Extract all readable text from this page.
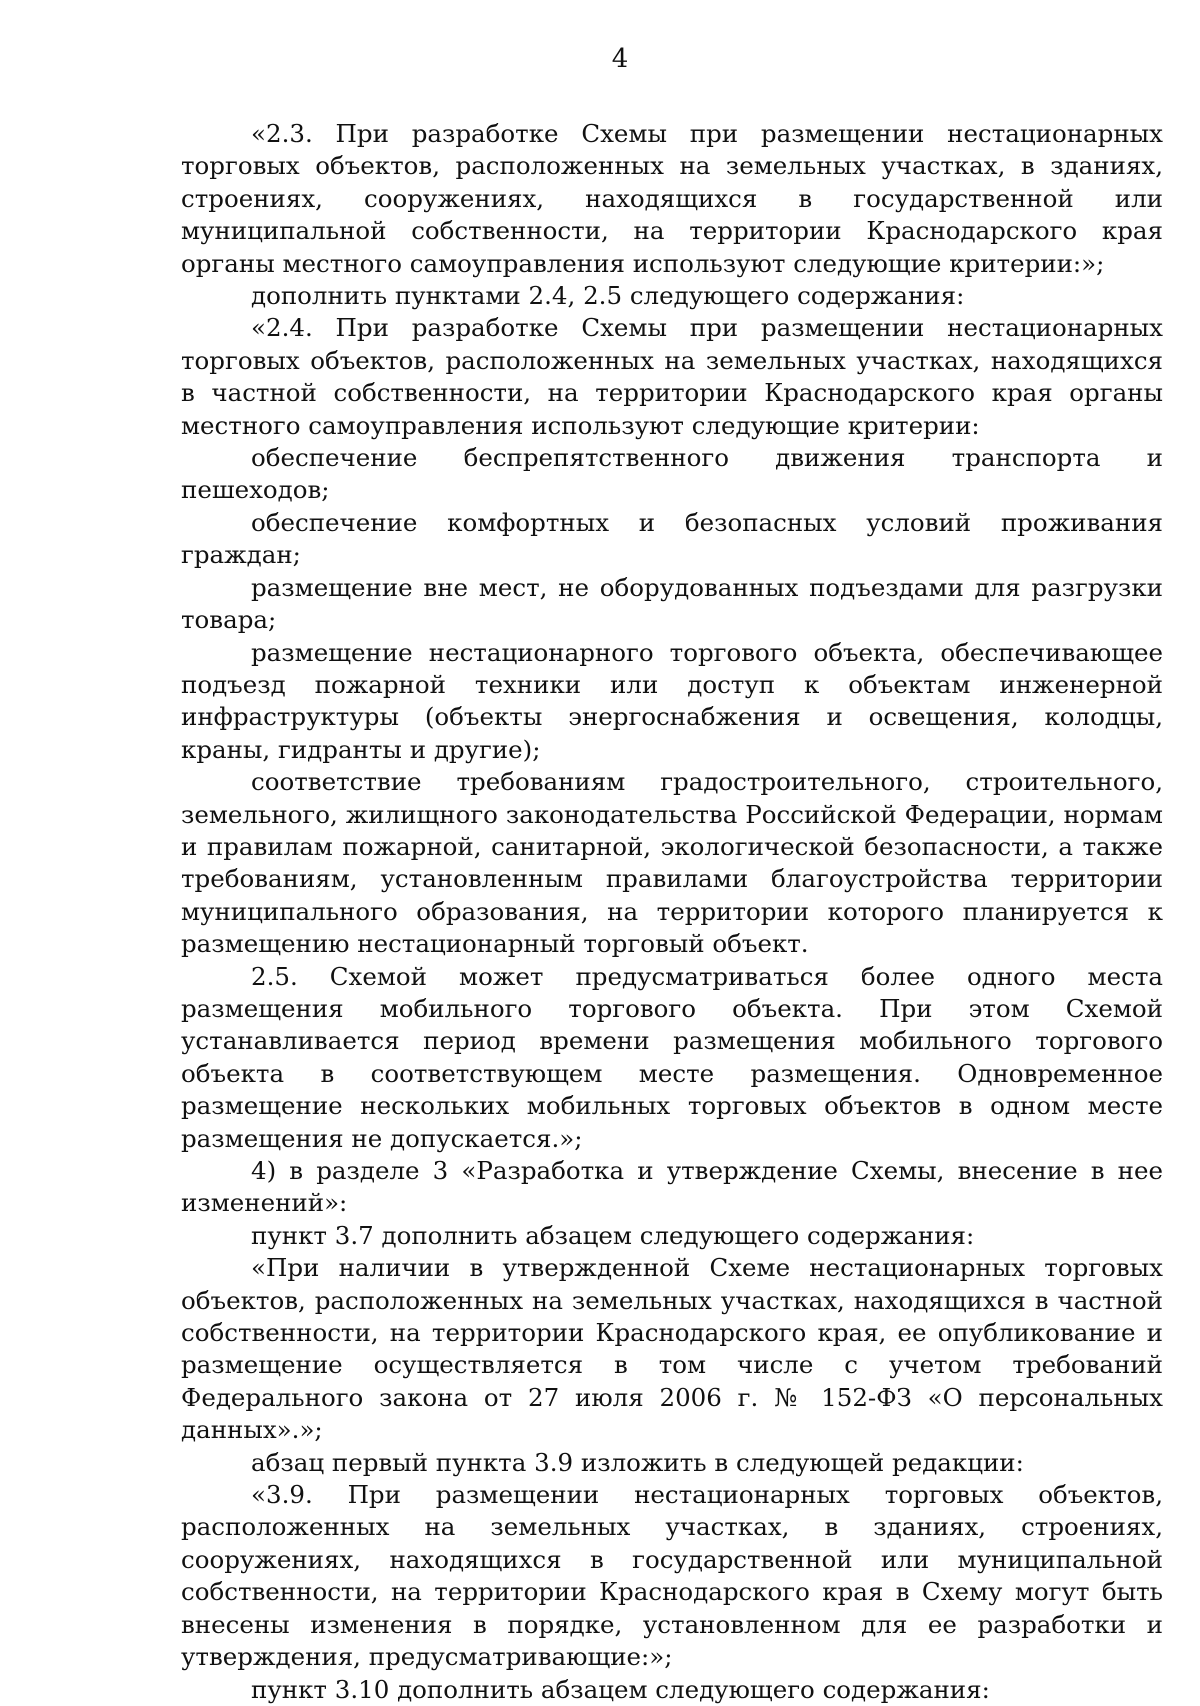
4

«2.3. При разработке Схемы при размещении нестационарных торговых объектов, расположенных на земельных участках, в зданиях, строениях, сооружениях, находящихся в государственной или муниципальной собственности, на территории Краснодарского края органы местного самоуправления используют следующие критерии:»;

дополнить пунктами 2.4, 2.5 следующего содержания:

«2.4. При разработке Схемы при размещении нестационарных торговых объектов, расположенных на земельных участках, находящихся в частной собственности, на территории Краснодарского края органы местного самоуправления используют следующие критерии:

обеспечение беспрепятственного движения транспорта и пешеходов;

обеспечение комфортных и безопасных условий проживания граждан;

размещение вне мест, не оборудованных подъездами для разгрузки товара;

размещение нестационарного торгового объекта, обеспечивающее подъезд пожарной техники или доступ к объектам инженерной инфраструктуры (объекты энергоснабжения и освещения, колодцы, краны, гидранты и другие);

соответствие требованиям градостроительного, строительного, земельного, жилищного законодательства Российской Федерации, нормам и правилам пожарной, санитарной, экологической безопасности, а также требованиям, установленным правилами благоустройства территории муниципального образования, на территории которого планируется к размещению нестационарный торговый объект.

2.5. Схемой может предусматриваться более одного места размещения мобильного торгового объекта. При этом Схемой устанавливается период времени размещения мобильного торгового объекта в соответствующем месте размещения. Одновременное размещение нескольких мобильных торговых объектов в одном месте размещения не допускается.»;

4) в разделе 3 «Разработка и утверждение Схемы, внесение в нее изменений»:

пункт 3.7 дополнить абзацем следующего содержания:

«При наличии в утвержденной Схеме нестационарных торговых объектов, расположенных на земельных участках, находящихся в частной собственности, на территории Краснодарского края, ее опубликование и размещение осуществляется в том числе с учетом требований Федерального закона от 27 июля 2006 г. № 152-ФЗ «О персональных данных».»;

абзац первый пункта 3.9 изложить в следующей редакции:

«3.9. При размещении нестационарных торговых объектов, расположенных на земельных участках, в зданиях, строениях, сооружениях, находящихся в государственной или муниципальной собственности, на территории Краснодарского края в Схему могут быть внесены изменения в порядке, установленном для ее разработки и утверждения, предусматривающие:»;

пункт 3.10 дополнить абзацем следующего содержания:
